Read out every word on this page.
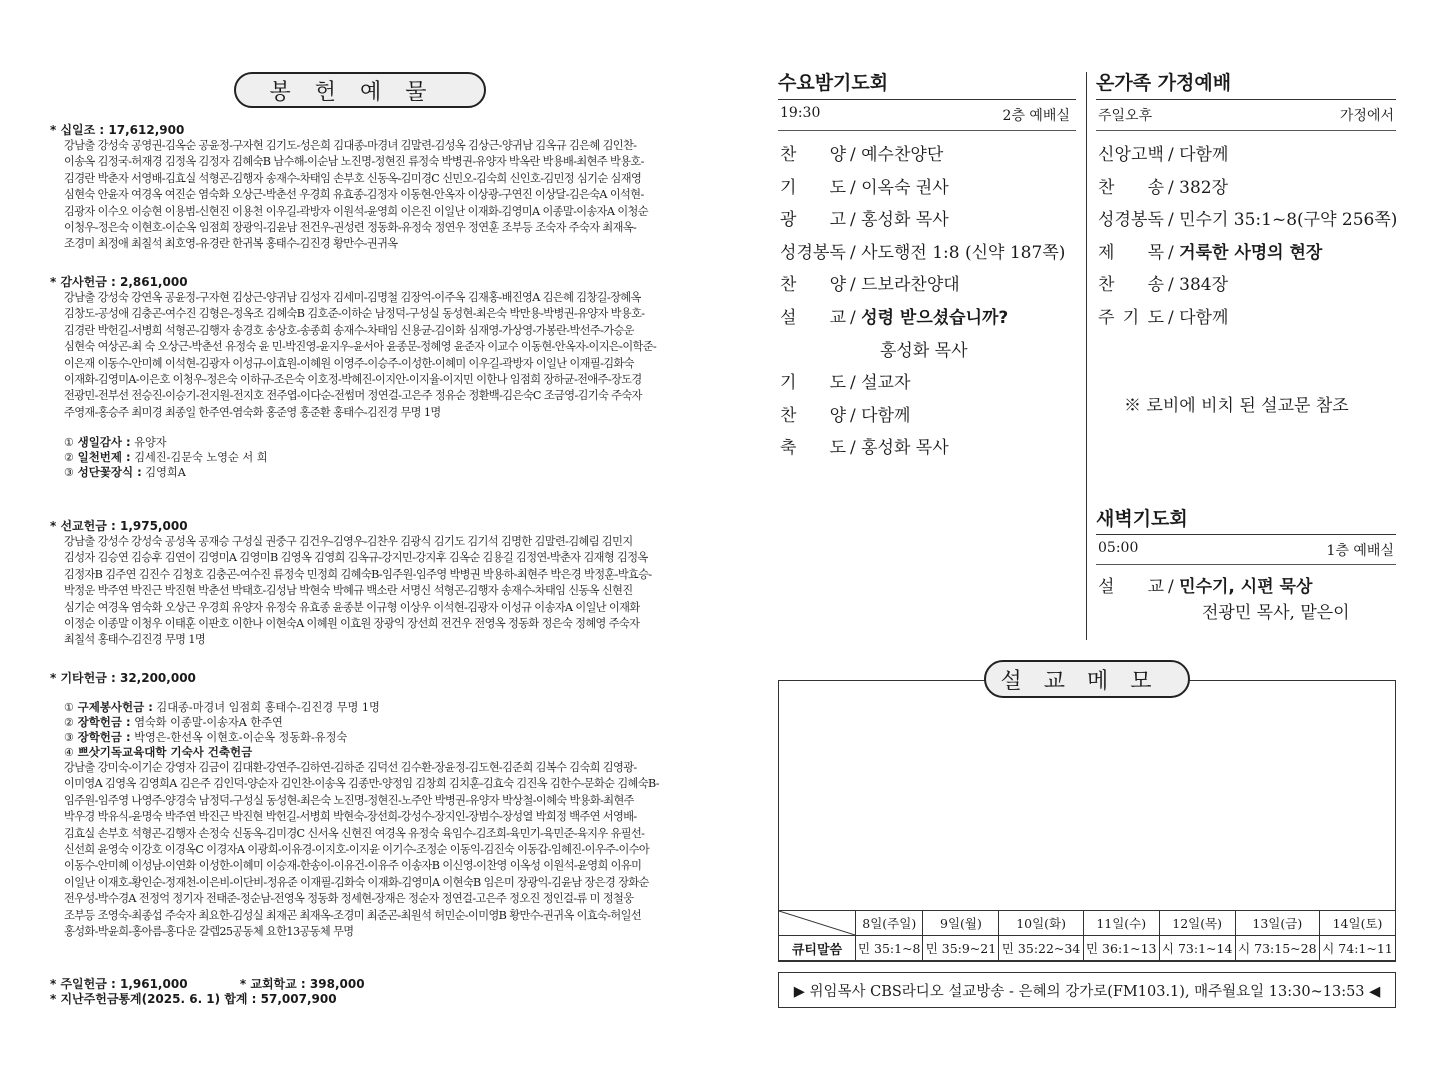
봉헌예물
* 십일조 : 17,612,900
강남출 강성숙 공영권-김옥순 공윤정-구자현 김기도-성은희 김대종-마경녀 김말련-김성옥 김상근-양귀남 김옥규 김은혜 김인찬-이송옥 김정국-허재경 김정옥 김정자 김혜숙B 남수해-이순남 노진명-정현진 류정숙 박병권-유양자 박옥란 박용배-최현주 박용호-김경란 박춘자 서영배-김효실 석형곤-김행자 송재수-차태임 손부호 신동옥-김미경C 신민오-김숙희 신인호-김민정 심기순 심재영 심현숙 안윤자 여경옥 여진순 염숙화 오상근-박춘선 우경희 유효종-김정자 이동현-안옥자 이상광-구연진 이상달-김은숙A 이석현-김광자 이수오 이승현 이용범-신현진 이용천 이우길-곽방자 이원석-윤영희 이은진 이일난 이재화-김영미A 이종말-이송자A 이청순 이청우-정은숙 이현호-이순옥 임점희 장광익-김윤남 전건우-권성련 정동화-유정숙 정연우 정연훈 조부등 조숙자 주숙자 최재옥-조경미 최정애 최칠석 최호영-유경란 한귀복 홍태수-김진경 황만수-권귀옥
* 감사헌금 : 2,861,000
강남출 강성숙 강연옥 공윤정-구자현 김상근-양귀남 김성자 김세미-김명철 김장억-이주옥 김재홍-배진영A 김은혜 김창길-장혜옥 김창도-공성애 김충곤-여수진 김형은-정옥조 김혜숙B 김호준-이하순 남정덕-구성실 동성현-최은숙 박만용-박병권-유양자 박용호-김경란 박헌길-서병희 석형곤-김행자 송경호 송상호-송종희 송재수-차태임 신용균-김이화 심재영-가상영-가봉란-박선주-가승운 심현숙 여상곤-최 숙 오상근-박춘선 유정숙 윤 민-박진영-윤지우-윤서아 윤종문-정혜영 윤준자 이교수 이동현-안옥자-이지은-이학준-이은재 이동수-안미혜 이석현-김광자 이성규-이효원-이혜원 이영주-이승주-이성한-이혜미 이우길-곽방자 이일난 이재필-김화숙 이재화-김영미A-이은호 이청우-정은숙 이하규-조은숙 이호정-박혜진-이지안-이지율-이지민 이한나 임점희 장하균-전애주-장도경 전광민-전부선 전승진-이승기-전지원-전지호 전주엽-이다순-전썸머 정연걸-고은주 정유순 정환백-김은숙C 조금영-김기숙 주숙자 주영재-홍승주 최미경 최종일 한주연-염숙화 홍준영 홍준환 홍태수-김진경 무명 1명
① 생일감사 : 유양자
② 일천번제 : 김세진-김문숙 노영순 서 희
③ 성단꽃장식 : 김영희A
* 선교헌금 : 1,975,000
강남출 강성수 강성숙 공성옥 공재승 구성실 권중구 김건우-김영우-김찬우 김광식 김기도 김기석 김명한 김말련-김혜림 김민지 김성자 김승연 김승후 김연이 김영미A 김영미B 김영옥 김영희 김옥규-강지민-강지후 김옥순 김용길 김정연-박춘자 김재형 김정옥 김정자B 김주연 김진수 김청호 김충곤-여수진 류정숙 민정희 김혜숙B-임주원-임주영 박병권 박용하-최현주 박은경 박정훈-박효승-박정운 박주연 박진근 박진현 박춘선 박태호-김성남 박현숙 박혜규 백소란 서명신 석형곤-김행자 송재수-차태임 신동옥 신현진 심기순 여경옥 염숙화 오상근 우경희 유양자 유정숙 유효종 윤종분 이규형 이상우 이석현-김광자 이성규 이송자A 이일난 이재화 이정순 이종말 이청우 이태훈 이판호 이한나 이현숙A 이혜원 이효원 장광익 장선희 전건우 전영옥 정동화 정은숙 정혜영 주숙자 최칠석 홍태수-김진경 무명 1명
* 기타헌금 : 32,200,000
① 구제봉사헌금 : 김대종-마경녀 임점희 홍태수-김진경 무명 1명
② 장학헌금 : 염숙화 이종말-이송자A 한주연
③ 장학헌금 : 박영은-한선옥 이현호-이순옥 정동화-유정숙
④ 쁘삿기독교육대학 기숙사 건축헌금
강남출 강미숙-이기순 강영자 김금이 김대환-강연주-김하연-김하준 김덕선 김수환-장윤정-김도현-김준희 김복수 김숙희 김영광-이미영A 김영옥 김영희A 김은주 김인덕-양순자 김인찬-이송옥 김종만-양정임 김창희 김치훈-김효숙 김진옥 김한수-문화순 김혜숙B-임주원-임주영 나영주-양경숙 남정덕-구성실 동성현-최은숙 노진명-정현진-노주안 박병권-유양자 박상철-이혜숙 박용화-최현주 박우경 박유식-윤명숙 박주연 박진근 박진현 박헌길-서병희 박현숙-장선희-강성수-장지인-장범수-장성열 박희정 백주연 서영배-김효실 손부호 석형곤-김행자 손정숙 신동옥-김미경C 신서옥 신현진 여경옥 유정숙 육임수-김조희-육민기-육민준-육지우 유필선-신선희 윤영숙 이강호 이경옥C 이경자A 이광희-이유경-이지호-이지윤 이기수-조정순 이동익-김진숙 이동갑-임혜진-이우주-이수아 이동수-안미혜 이성남-이연화 이성한-이혜미 이승재-한송이-이유건-이유주 이송자B 이신영-이찬영 이옥성 이원석-윤영희 이유미 이일난 이재호-황인순-정재천-이은비-이단비-정유준 이재필-김화숙 이재화-김영미A 이현숙B 임은미 장광익-김윤남 장은경 장화순 전우성-박수경A 전정억 정기자 전태준-정순남-전영옥 정동화 정세현-장재은 정순자 정연걸-고은주 정오진 정인걸-류 미 정철웅 조부등 조영숙-최종섭 주숙자 최요한-김성실 최재곤 최재옥-조경미 최준곤-최원석 허민순-이미영B 황만수-권귀옥 이효숙-허일선 홍성화-박윤희-홍아름-홍다운 갈렙25공동체 요한13공동체 무명
* 주일헌금 : 1,961,000	* 교회학교 : 398,000
* 지난주헌금통계(2025. 6. 1) 합계 : 57,007,900
수요밤기도회
19:30	2층 예배실
찬 양 / 예수찬양단
기 도 / 이옥숙 권사
광 고 / 홍성화 목사
성 경 봉 독 / 사도행전 1:8 (신약 187쪽)
찬 양 / 드보라찬양대
설 교 / 성령 받으셨습니까?
홍성화 목사
기 도 / 설교자
찬 양 / 다함께
축 도 / 홍성화 목사
온가족 가정예배
주일오후	가정에서
신 앙 고 백 / 다함께
찬 송 / 382장
성 경 봉 독 / 민수기 35:1~8(구약 256쪽)
제 목 / 거룩한 사명의 현장
찬 송 / 384장
주 기 도 / 다함께
※ 로비에 비치 된 설교문 참조
새벽기도회
05:00	1층 예배실
설 교 / 민수기, 시편 묵상
전광민 목사, 맡은이
설교메모
	8일(주일)	9일(월)	10일(화)	11일(수)	12일(목)	13일(금)	14일(토)
큐티말씀	민 35:1~8	민 35:9~21	민 35:22~34	민 36:1~13	시 73:1~14	시 73:15~28	시 74:1~11
▶ 위임목사 CBS라디오 설교방송 - 은혜의 강가로(FM103.1), 매주월요일 13:30~13:53 ◀
